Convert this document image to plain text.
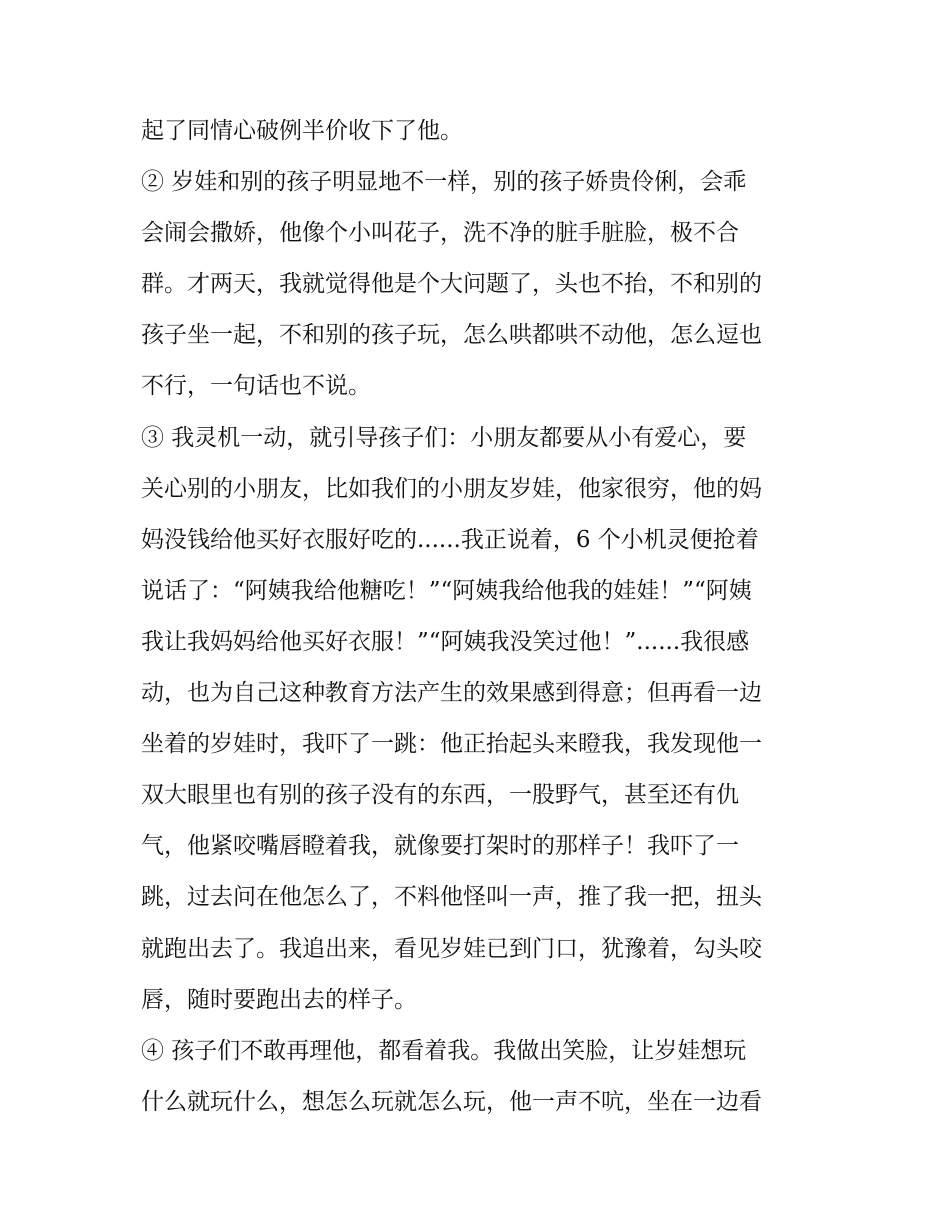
起了同情心破例半价收下了他。
② 岁娃和别的孩子明显地不一样，别的孩子娇贵伶俐，会乖
会闹会撒娇，他像个小叫花子，洗不净的脏手脏脸，极不合
群。才两天，我就觉得他是个大问题了，头也不抬，不和别的
孩子坐一起，不和别的孩子玩，怎么哄都哄不动他，怎么逗也
不行，一句话也不说。
③ 我灵机一动，就引导孩子们：小朋友都要从小有爱心，要
关心别的小朋友，比如我们的小朋友岁娃，他家很穷，他的妈
妈没钱给他买好衣服好吃的......我正说着，6 个小机灵便抢着
说话了：“阿姨我给他糖吃！”“阿姨我给他我的娃娃！”“阿姨
我让我妈妈给他买好衣服！”“阿姨我没笑过他！”......我很感
动，也为自己这种教育方法产生的效果感到得意；但再看一边
坐着的岁娃时，我吓了一跳：他正抬起头来瞪我，我发现他一
双大眼里也有别的孩子没有的东西，一股野气，甚至还有仇
气，他紧咬嘴唇瞪着我，就像要打架时的那样子！我吓了一
跳，过去问在他怎么了，不料他怪叫一声，推了我一把，扭头
就跑出去了。我追出来，看见岁娃已到门口，犹豫着，勾头咬
唇，随时要跑出去的样子。
④ 孩子们不敢再理他，都看着我。我做出笑脸，让岁娃想玩
什么就玩什么，想怎么玩就怎么玩，他一声不吭，坐在一边看
